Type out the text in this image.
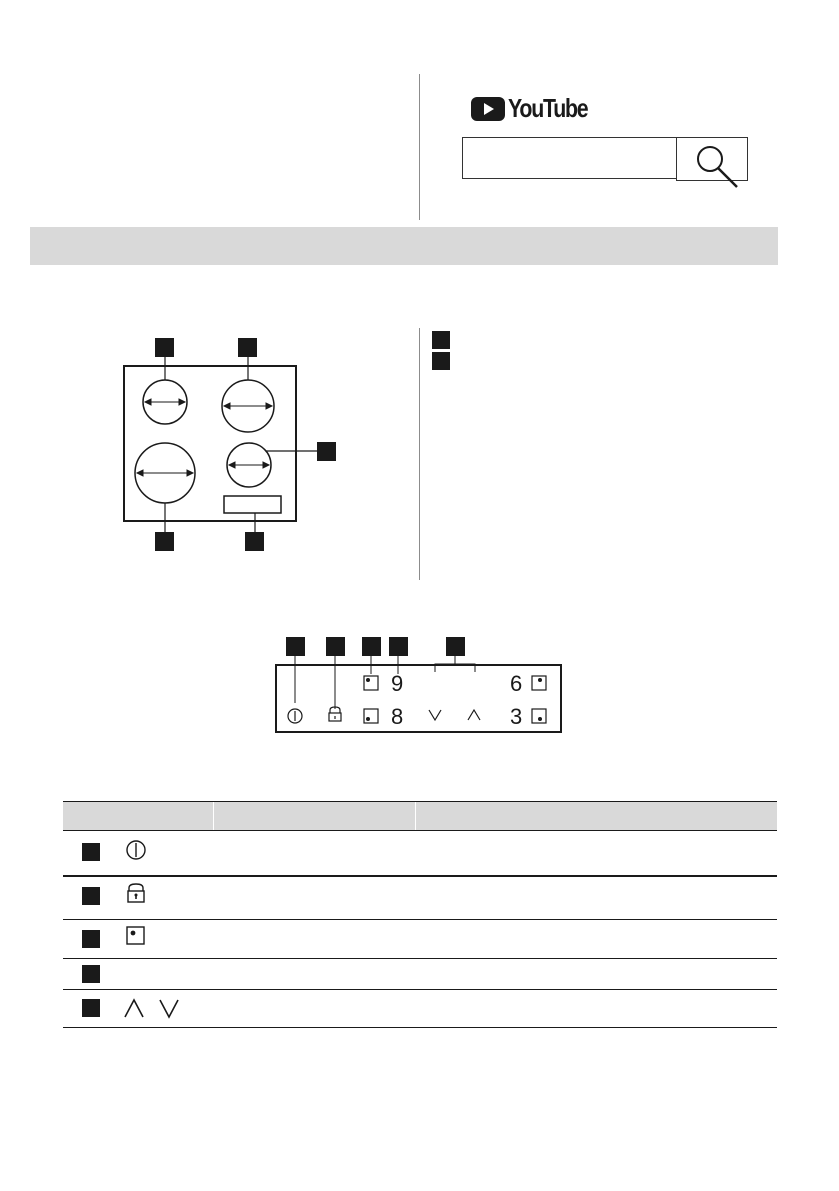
YouTube
9
8
6
3
